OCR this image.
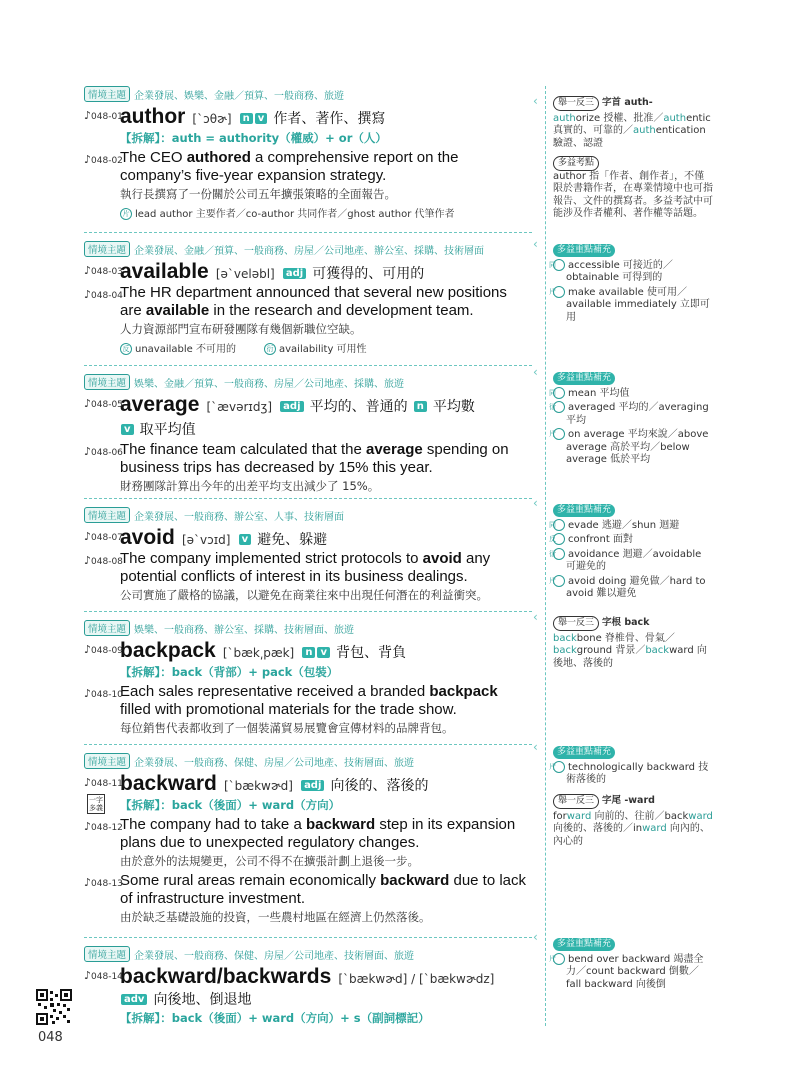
情境主題 企業發展、娛樂、金融／預算、一般商務、旅遊
♪048-01
author [ˋɔθɚ] n v 作者、著作、撰寫
【拆解】：auth = authority（權威）+ or（人）
♪048-02
The CEO authored a comprehensive report on the company’s five-year expansion strategy.
執行長撰寫了一份關於公司五年擴張策略的全面報告。
片 lead author 主要作者／co-author 共同作者／ghost author 代筆作者
情境主題 企業發展、金融／預算、一般商務、房屋／公司地產、辦公室、採購、技術層面
♪048-03
available [əˋveləbl] adj 可獲得的、可用的
♪048-04
The HR department announced that several new positions are available in the research and development team.
人力資源部門宣布研發團隊有幾個新職位空缺。
反 unavailable 不可用的	衍 availability 可用性
情境主題 娛樂、金融／預算、一般商務、房屋／公司地產、採購、旅遊
♪048-05
average [ˋævərɪdʒ] adj 平均的、普通的 n 平均數
v 取平均值
♪048-06
The finance team calculated that the average spending on business trips has decreased by 15% this year.
財務團隊計算出今年的出差平均支出減少了 15%。
情境主題 企業發展、一般商務、辦公室、人事、技術層面
♪048-07
avoid [əˋvɔɪd] v 避免、躲避
♪048-08
The company implemented strict protocols to avoid any potential conflicts of interest in its business dealings.
公司實施了嚴格的協議，以避免在商業往來中出現任何潛在的利益衝突。
情境主題 娛樂、一般商務、辦公室、採購、技術層面、旅遊
♪048-09
backpack [ˋbæk͵pæk] n v 背包、背負
【拆解】：back（背部）+ pack（包裝）
♪048-10
Each sales representative received a branded backpack filled with promotional materials for the trade show.
每位銷售代表都收到了一個裝滿貿易展覽會宣傳材料的品牌背包。
情境主題 企業發展、一般商務、保健、房屋／公司地產、技術層面、旅遊
♪048-11
一字多義
backward [ˋbækwɚd] adj 向後的、落後的
【拆解】：back（後面）+ ward（方向）
♪048-12
The company had to take a backward step in its expansion plans due to unexpected regulatory changes.
由於意外的法規變更，公司不得不在擴張計劃上退後一步。
♪048-13
Some rural areas remain economically backward due to lack of infrastructure investment.
由於缺乏基礎設施的投資，一些農村地區在經濟上仍然落後。
情境主題 企業發展、一般商務、保健、房屋／公司地產、技術層面、旅遊
♪048-14
backward/backwards [ˋbækwɚd] / [ˋbækwɚdz]
adv 向後地、倒退地
【拆解】：back（後面）+ ward（方向）+ s（副詞標記）
‹
‹
‹
‹
‹
‹
‹
舉一反三 字首 auth-
authorize 授權、批准／authentic
真實的、可靠的／authentication
驗證、認證
多益考點
author 指「作者、創作者」，不僅限於書籍作者，在專業情境中也可指報告、文件的撰寫者。多益考試中可能涉及作者權利、著作權等話題。
多益重點補充
同 accessible 可接近的／obtainable 可得到的
片 make available 使可用／available immediately 立即可用
多益重點補充
同 mean 平均值
衍 averaged 平均的／averaging 平均
片 on average 平均來說／above average 高於平均／below average 低於平均
多益重點補充
同 evade 逃避／shun 迴避
反 confront 面對
衍 avoidance 迴避／avoidable 可避免的
片 avoid doing 避免做／hard to avoid 難以避免
舉一反三 字根 back
backbone 脊椎骨、骨氣／
background 背景／backward 向後地、落後的
多益重點補充
片 technologically backward 技術落後的
舉一反三 字尾 -ward
forward 向前的、往前／backward
向後的、落後的／inward 向內的、內心的
多益重點補充
片 bend over backward 竭盡全力／count backward 倒數／fall backward 向後倒
048
